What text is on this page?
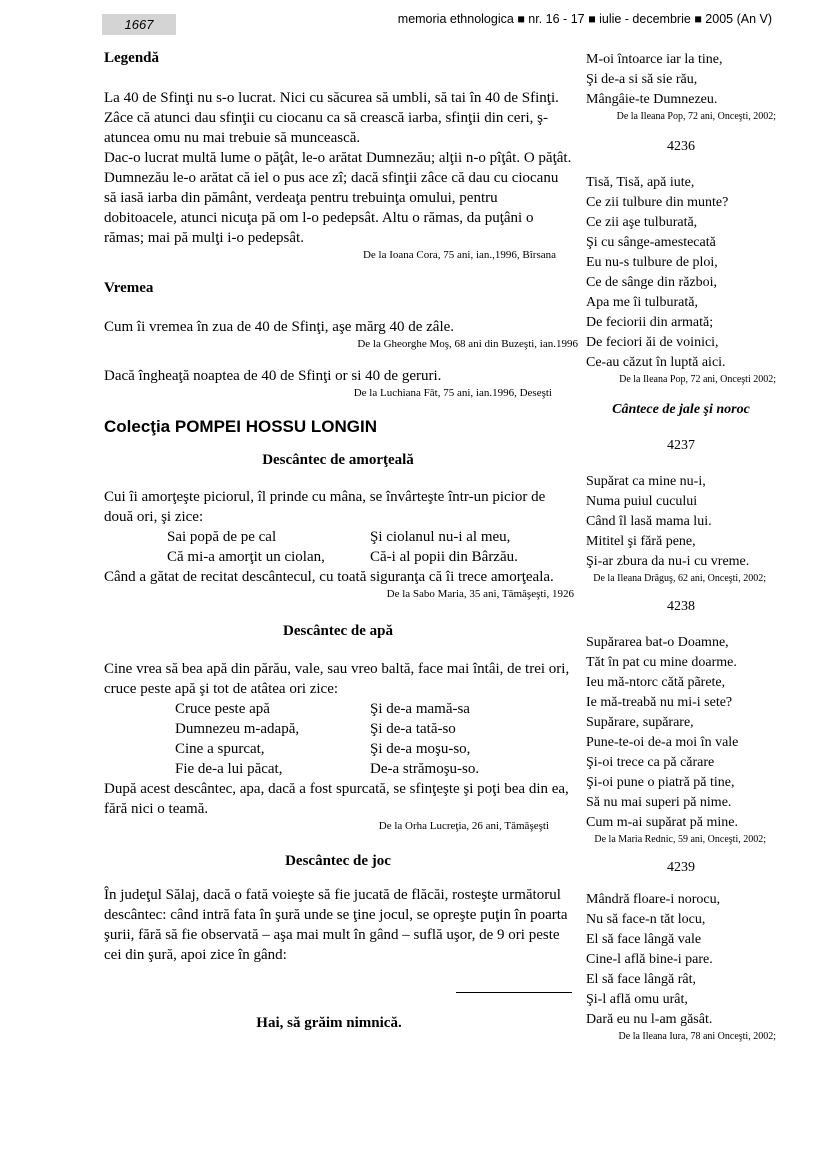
1667	memoria ethnologica ■ nr. 16 - 17 ■ iulie - decembrie ■ 2005 (An V)

Legendă

La 40 de Sfinţi nu s-o lucrat. Nici cu săcurea să umbli, să tai în 40 de Sfinţi. Zâce că atunci dau sfinţii cu ciocanu ca să crească iarba, sfinţii din ceri, ş-atuncea omu nu mai trebuie să muncească.

Dac-o lucrat multă lume o păţât, le-o arătat Dumnezău; alţii n-o pîţât. O păţât. Dumnezău le-o arătat că iel o pus ace zî; dacă sfinţii zâce că dau cu ciocanu să iasă iarba din pământ, verdeaţa pentru trebuinţa omului, pentru dobitoacele, atunci nicuţa pă om l-o pedepsât. Altu o rămas, da puţâni o rămas; mai pă mulţi i-o pedepsât.

De la Ioana Cora, 75 ani, ian.,1996, Bîrsana

Vremea

Cum îi vremea în zua de 40 de Sfinţi, aşe mărg 40 de zâle.

De la Gheorghe Moş, 68 ani din Buzeşti, ian.1996

Dacă îngheaţă noaptea de 40 de Sfinţi or si 40 de geruri.

De la Luchiana Făt, 75 ani, ian.1996, Deseşti

Colecţia POMPEI HOSSU LONGIN

Descântec de amorţeală

Cui îi amorţeşte piciorul, îl prinde cu mâna, se învârteşte într-un picior de două ori, şi zice:

Sai popă de pe cal	Şi ciolanul nu-i al meu,
Că mi-a amorţit un ciolan,	Că-i al popii din Bârzău.

Când a gătat de recitat descântecul, cu toată siguranţa că îi trece amorţeala.

De la Sabo Maria, 35 ani, Tămăşeşti, 1926

Descântec de apă

Cine vrea să bea apă din părău, vale, sau vreo baltă, face mai întâi, de trei ori, cruce peste apă şi tot de atâtea ori zice:

Cruce peste apă	Şi de-a mamă-sa
Dumnezeu m-adapă,	Şi de-a tată-so
Cine a spurcat,	Şi de-a moşu-so,
Fie de-a lui păcat,	De-a strămoşu-so.

După acest descântec, apa, dacă a fost spurcată, se sfinţeşte şi poţi bea din ea, fără nici o teamă.

De la Orha Lucreţia, 26 ani, Tămăşeşti

Descântec de joc

În judeţul Sălaj, dacă o fată voieşte să fie jucată de flăcăi, rosteşte următorul descântec: când intră fata în şură unde se ţine jocul, se opreşte puţin în poarta şurii, fără să fie observată – aşa mai mult în gând – suflă uşor, de 9 ori peste cei din şură, apoi zice în gând:

Hai, să grăim nimnică.

M-oi întoarce iar la tine,
Şi de-a si să sie rău,
Mângâie-te Dumnezeu.
De la Ileana Pop, 72 ani, Onceşti, 2002;
4236
Tisă, Tisă, apă iute,
Ce zii tulbure din munte?
Ce zii aşe tulburată,
Şi cu sânge-amestecată
Eu nu-s tulbure de ploi,
Ce de sânge din război,
Apa me îi tulburată,
De feciorii din armată;
De feciori ăi de voinici,
Ce-au căzut în luptă aici.
De la Ileana Pop, 72 ani, Onceşti 2002;
Cântece de jale şi noroc
4237
Supărat ca mine nu-i,
Numa puiul cucului
Când îl lasă mama lui.
Mititel şi fără pene,
Şi-ar zbura da nu-i cu vreme.
De la Ileana Drăguş, 62 ani, Onceşti, 2002;
4238
Supărarea bat-o Doamne,
Tăt în pat cu mine doarme.
Ieu mă-ntorc cătă pãrete,
Ie mă-treabă nu mi-i sete?
Supărare, supărare,
Pune-te-oi de-a moi în vale
Şi-oi trece ca pă cărare
Şi-oi pune o piatră pă tine,
Să nu mai superi pă nime.
Cum m-ai supărat pă mine.
De la Maria Rednic, 59 ani, Onceşti, 2002;
4239
Mândră floare-i norocu,
Nu să face-n tăt locu,
El să face lângă vale
Cine-l află bine-i pare.
El să face lângă rât,
Şi-l află omu urât,
Dară eu nu l-am găsât.
De la Ileana Iura, 78 ani Onceşti, 2002;
